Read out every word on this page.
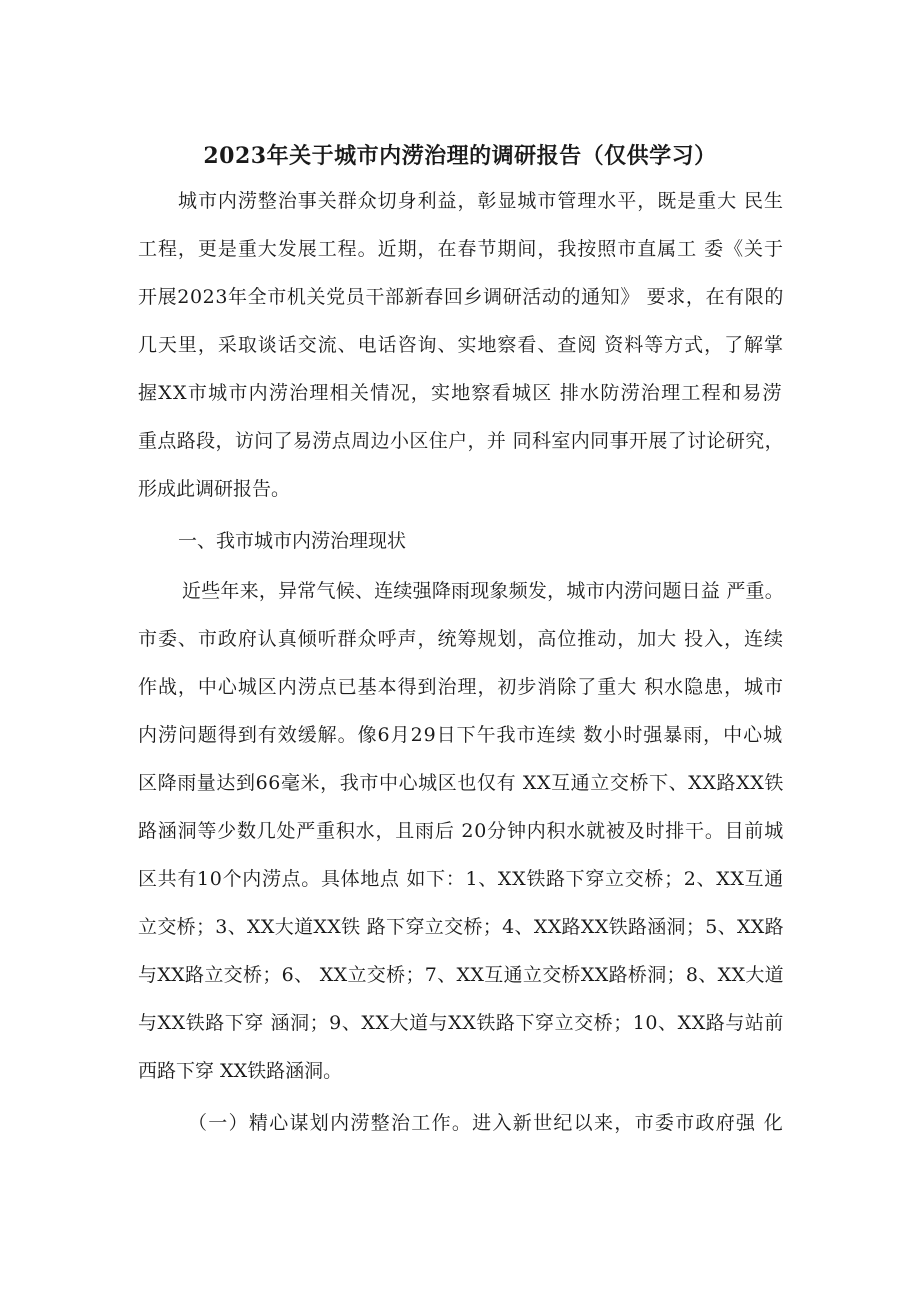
2023年关于城市内涝治理的调研报告（仅供学习）
城市内涝整治事关群众切身利益，彰显城市管理水平，既是重大 民生
工程，更是重大发展工程。近期，在春节期间，我按照市直属工 委《关于
开展2023年全市机关党员干部新春回乡调研活动的通知》 要求，在有限的
几天里，采取谈话交流、电话咨询、实地察看、查阅 资料等方式，了解掌
握XX市城市内涝治理相关情况，实地察看城区 排水防涝治理工程和易涝
重点路段，访问了易涝点周边小区住户，并 同科室内同事开展了讨论研究，
形成此调研报告。
一、我市城市内涝治理现状
近些年来，异常气候、连续强降雨现象频发，城市内涝问题日益 严重。
市委、市政府认真倾听群众呼声，统筹规划，高位推动，加大 投入，连续
作战，中心城区内涝点已基本得到治理，初步消除了重大 积水隐患，城市
内涝问题得到有效缓解。像6月29日下午我市连续 数小时强暴雨，中心城
区降雨量达到66毫米，我市中心城区也仅有 XX互通立交桥下、XX路XX铁
路涵洞等少数几处严重积水，且雨后 20分钟内积水就被及时排干。目前城
区共有10个内涝点。具体地点 如下：1、XX铁路下穿立交桥；2、XX互通
立交桥；3、XX大道XX铁 路下穿立交桥；4、XX路XX铁路涵洞；5、XX路
与XX路立交桥；6、 XX立交桥；7、XX互通立交桥XX路桥洞；8、XX大道
与XX铁路下穿 涵洞；9、XX大道与XX铁路下穿立交桥；10、XX路与站前
西路下穿 XX铁路涵洞。
（一）精心谋划内涝整治工作。进入新世纪以来，市委市政府强 化
